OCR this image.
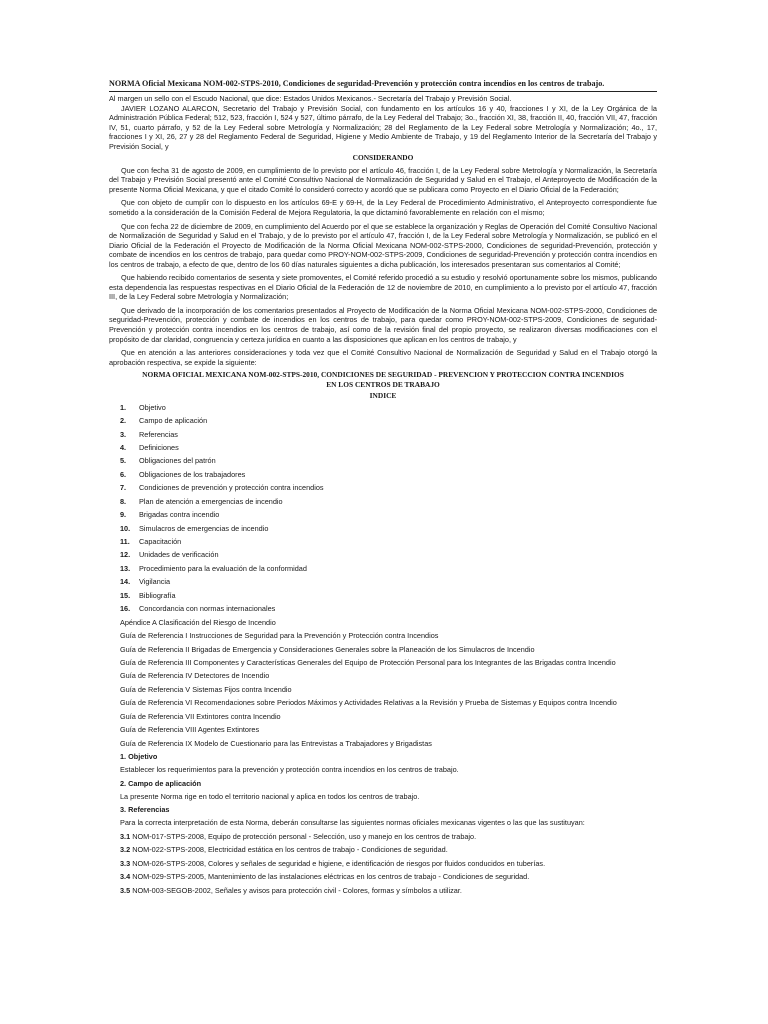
NORMA Oficial Mexicana NOM-002-STPS-2010, Condiciones de seguridad-Prevención y protección contra incendios en los centros de trabajo.
Al margen un sello con el Escudo Nacional, que dice: Estados Unidos Mexicanos.- Secretaría del Trabajo y Previsión Social.
JAVIER LOZANO ALARCON, Secretario del Trabajo y Previsión Social, con fundamento en los artículos 16 y 40, fracciones I y XI, de la Ley Orgánica de la Administración Pública Federal; 512, 523, fracción I, 524 y 527, último párrafo, de la Ley Federal del Trabajo; 3o., fracción XI, 38, fracción II, 40, fracción VII, 47, fracción IV, 51, cuarto párrafo, y 52 de la Ley Federal sobre Metrología y Normalización; 28 del Reglamento de la Ley Federal sobre Metrología y Normalización; 4o., 17, fracciones I y XI, 26, 27 y 28 del Reglamento Federal de Seguridad, Higiene y Medio Ambiente de Trabajo, y 19 del Reglamento Interior de la Secretaría del Trabajo y Previsión Social, y
CONSIDERANDO
Que con fecha 31 de agosto de 2009, en cumplimiento de lo previsto por el artículo 46, fracción I, de la Ley Federal sobre Metrología y Normalización, la Secretaría del Trabajo y Previsión Social presentó ante el Comité Consultivo Nacional de Normalización de Seguridad y Salud en el Trabajo, el Anteproyecto de Modificación de la presente Norma Oficial Mexicana, y que el citado Comité lo consideró correcto y acordó que se publicara como Proyecto en el Diario Oficial de la Federación;
Que con objeto de cumplir con lo dispuesto en los artículos 69-E y 69-H, de la Ley Federal de Procedimiento Administrativo, el Anteproyecto correspondiente fue sometido a la consideración de la Comisión Federal de Mejora Regulatoria, la que dictaminó favorablemente en relación con el mismo;
Que con fecha 22 de diciembre de 2009, en cumplimiento del Acuerdo por el que se establece la organización y Reglas de Operación del Comité Consultivo Nacional de Normalización de Seguridad y Salud en el Trabajo, y de lo previsto por el artículo 47, fracción I, de la Ley Federal sobre Metrología y Normalización, se publicó en el Diario Oficial de la Federación el Proyecto de Modificación de la Norma Oficial Mexicana NOM-002-STPS-2000, Condiciones de seguridad-Prevención, protección y combate de incendios en los centros de trabajo, para quedar como PROY-NOM-002-STPS-2009, Condiciones de seguridad-Prevención y protección contra incendios en los centros de trabajo, a efecto de que, dentro de los 60 días naturales siguientes a dicha publicación, los interesados presentaran sus comentarios al Comité;
Que habiendo recibido comentarios de sesenta y siete promoventes, el Comité referido procedió a su estudio y resolvió oportunamente sobre los mismos, publicando esta dependencia las respuestas respectivas en el Diario Oficial de la Federación de 12 de noviembre de 2010, en cumplimiento a lo previsto por el artículo 47, fracción III, de la Ley Federal sobre Metrología y Normalización;
Que derivado de la incorporación de los comentarios presentados al Proyecto de Modificación de la Norma Oficial Mexicana NOM-002-STPS-2000, Condiciones de seguridad-Prevención, protección y combate de incendios en los centros de trabajo, para quedar como PROY-NOM-002-STPS-2009, Condiciones de seguridad-Prevención y protección contra incendios en los centros de trabajo, así como de la revisión final del propio proyecto, se realizaron diversas modificaciones con el propósito de dar claridad, congruencia y certeza jurídica en cuanto a las disposiciones que aplican en los centros de trabajo, y
Que en atención a las anteriores consideraciones y toda vez que el Comité Consultivo Nacional de Normalización de Seguridad y Salud en el Trabajo otorgó la aprobación respectiva, se expide la siguiente:
NORMA OFICIAL MEXICANA NOM-002-STPS-2010, CONDICIONES DE SEGURIDAD - PREVENCION Y PROTECCION CONTRA INCENDIOS EN LOS CENTROS DE TRABAJO
INDICE
1.	Objetivo
2.	Campo de aplicación
3.	Referencias
4.	Definiciones
5.	Obligaciones del patrón
6.	Obligaciones de los trabajadores
7.	Condiciones de prevención y protección contra incendios
8.	Plan de atención a emergencias de incendio
9.	Brigadas contra incendio
10.	Simulacros de emergencias de incendio
11.	Capacitación
12.	Unidades de verificación
13.	Procedimiento para la evaluación de la conformidad
14.	Vigilancia
15.	Bibliografía
16.	Concordancia con normas internacionales
Apéndice A Clasificación del Riesgo de Incendio
Guía de Referencia I Instrucciones de Seguridad para la Prevención y Protección contra Incendios
Guía de Referencia II Brigadas de Emergencia y Consideraciones Generales sobre la Planeación de los Simulacros de Incendio
Guía de Referencia III Componentes y Características Generales del Equipo de Protección Personal para los Integrantes de las Brigadas contra Incendio
Guía de Referencia IV Detectores de Incendio
Guía de Referencia V Sistemas Fijos contra Incendio
Guía de Referencia VI Recomendaciones sobre Periodos Máximos y Actividades Relativas a la Revisión y Prueba de Sistemas y Equipos contra Incendio
Guía de Referencia VII Extintores contra Incendio
Guía de Referencia VIII Agentes Extintores
Guía de Referencia IX Modelo de Cuestionario para las Entrevistas a Trabajadores y Brigadistas
1. Objetivo
Establecer los requerimientos para la prevención y protección contra incendios en los centros de trabajo.
2. Campo de aplicación
La presente Norma rige en todo el territorio nacional y aplica en todos los centros de trabajo.
3. Referencias
Para la correcta interpretación de esta Norma, deberán consultarse las siguientes normas oficiales mexicanas vigentes o las que las sustituyan:
3.1 NOM-017-STPS-2008, Equipo de protección personal - Selección, uso y manejo en los centros de trabajo.
3.2 NOM-022-STPS-2008, Electricidad estática en los centros de trabajo - Condiciones de seguridad.
3.3 NOM-026-STPS-2008, Colores y señales de seguridad e higiene, e identificación de riesgos por fluidos conducidos en tuberías.
3.4 NOM-029-STPS-2005, Mantenimiento de las instalaciones eléctricas en los centros de trabajo - Condiciones de seguridad.
3.5 NOM-003-SEGOB-2002, Señales y avisos para protección civil - Colores, formas y símbolos a utilizar.
